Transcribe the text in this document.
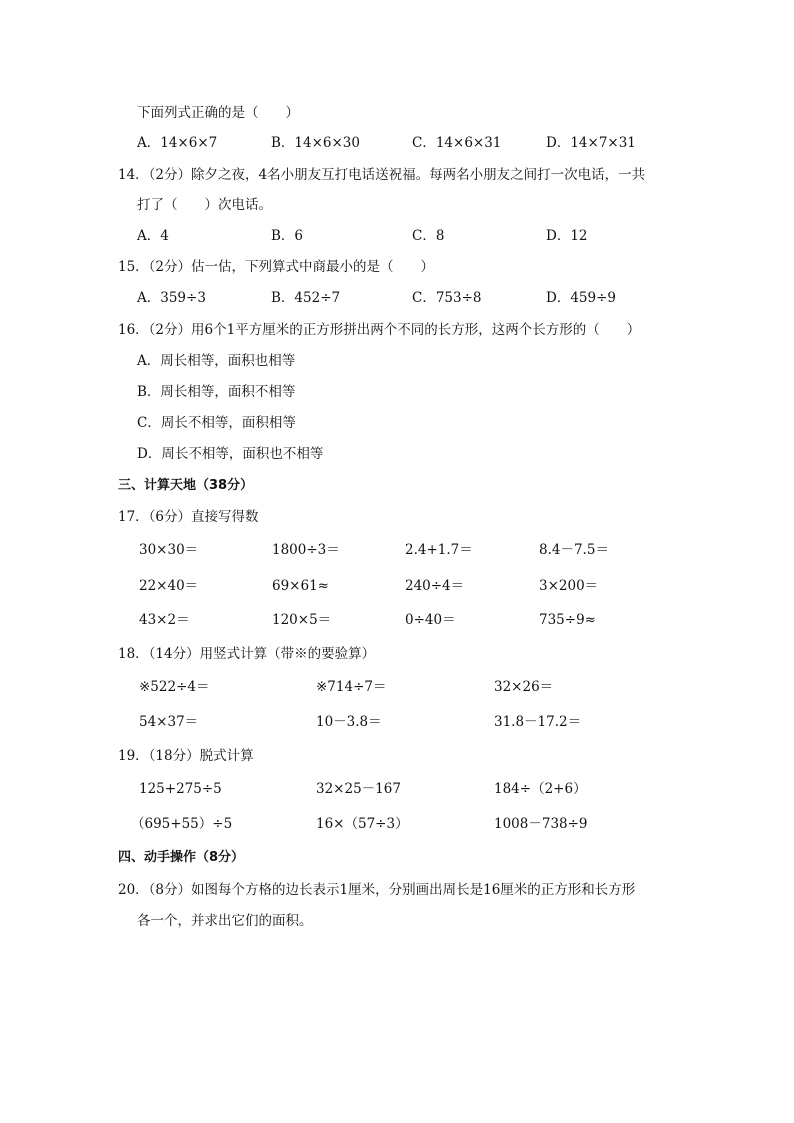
下面列式正确的是（　　）
A．14×6×7	B．14×6×30	C．14×6×31	D．14×7×31
14．（2分）除夕之夜，4名小朋友互打电话送祝福。每两名小朋友之间打一次电话，一共
打了（　　）次电话。
A．4	B．6	C．8	D．12
15．（2分）估一估，下列算式中商最小的是（　　）
A．359÷3	B．452÷7	C．753÷8	D．459÷9
16．（2分）用6个1平方厘米的正方形拼出两个不同的长方形，这两个长方形的（　　）
A．周长相等，面积也相等
B．周长相等，面积不相等
C．周长不相等，面积相等
D．周长不相等，面积也不相等
三、计算天地（38分）
17．（6分）直接写得数
30×30＝	1800÷3＝	2.4+1.7＝	8.4－7.5＝
22×40＝	69×61≈	240÷4＝	3×200＝
43×2＝	120×5＝	0÷40＝	735÷9≈
18．（14分）用竖式计算（带※的要验算）
※522÷4＝	※714÷7＝	32×26＝
54×37＝	10－3.8＝	31.8－17.2＝
19．（18分）脱式计算
125+275÷5	32×25－167	184÷（2+6）
（695+55）÷5	16×（57÷3）	1008－738÷9
四、动手操作（8分）
20．（8分）如图每个方格的边长表示1厘米，分别画出周长是16厘米的正方形和长方形
各一个，并求出它们的面积。
